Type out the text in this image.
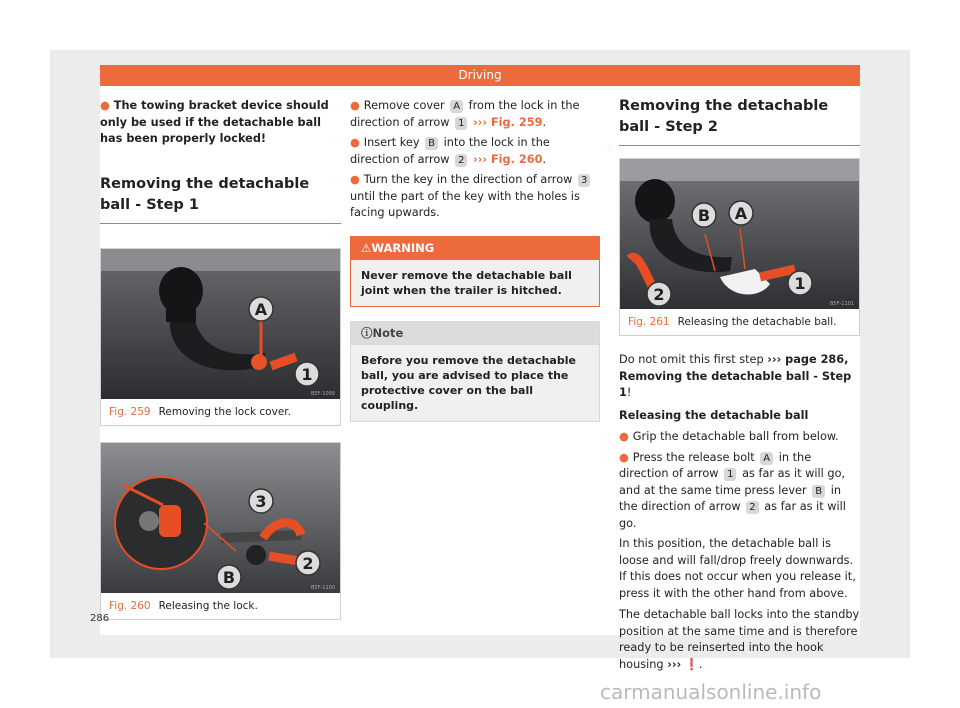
Driving

● The towing bracket device should only be used if the detachable ball has been properly locked!

Removing the detachable ball - Step 1
A
1
B5F-1099
Fig. 259 Removing the lock cover.
3
2
B
B5F-1100
Fig. 260 Releasing the lock.

● Remove cover A from the lock in the direction of arrow 1 ››› Fig. 259.

● Insert key B into the lock in the direction of arrow 2 ››› Fig. 260.

● Turn the key in the direction of arrow 3 until the part of the key with the holes is facing upwards.

⚠WARNING
Never remove the detachable ball joint when the trailer is hitched.
ⓘNote
Before you remove the detachable ball, you are advised to place the protective cover on the ball coupling.
Removing the detachable ball - Step 2
B A
2
1
B5F-1101
Fig. 261 Releasing the detachable ball.

Do not omit this first step ››› page 286, Removing the detachable ball - Step 1!

Releasing the detachable ball

● Grip the detachable ball from below.

● Press the release bolt A in the direction of arrow 1 as far as it will go, and at the same time press lever B in the direction of arrow 2 as far as it will go.

In this position, the detachable ball is loose and will fall/drop freely downwards. If this does not occur when you release it, press it with the other hand from above.

The detachable ball locks into the standby position at the same time and is therefore ready to be reinserted into the hook housing ››› ❗.

286
carmanualsonline.info
